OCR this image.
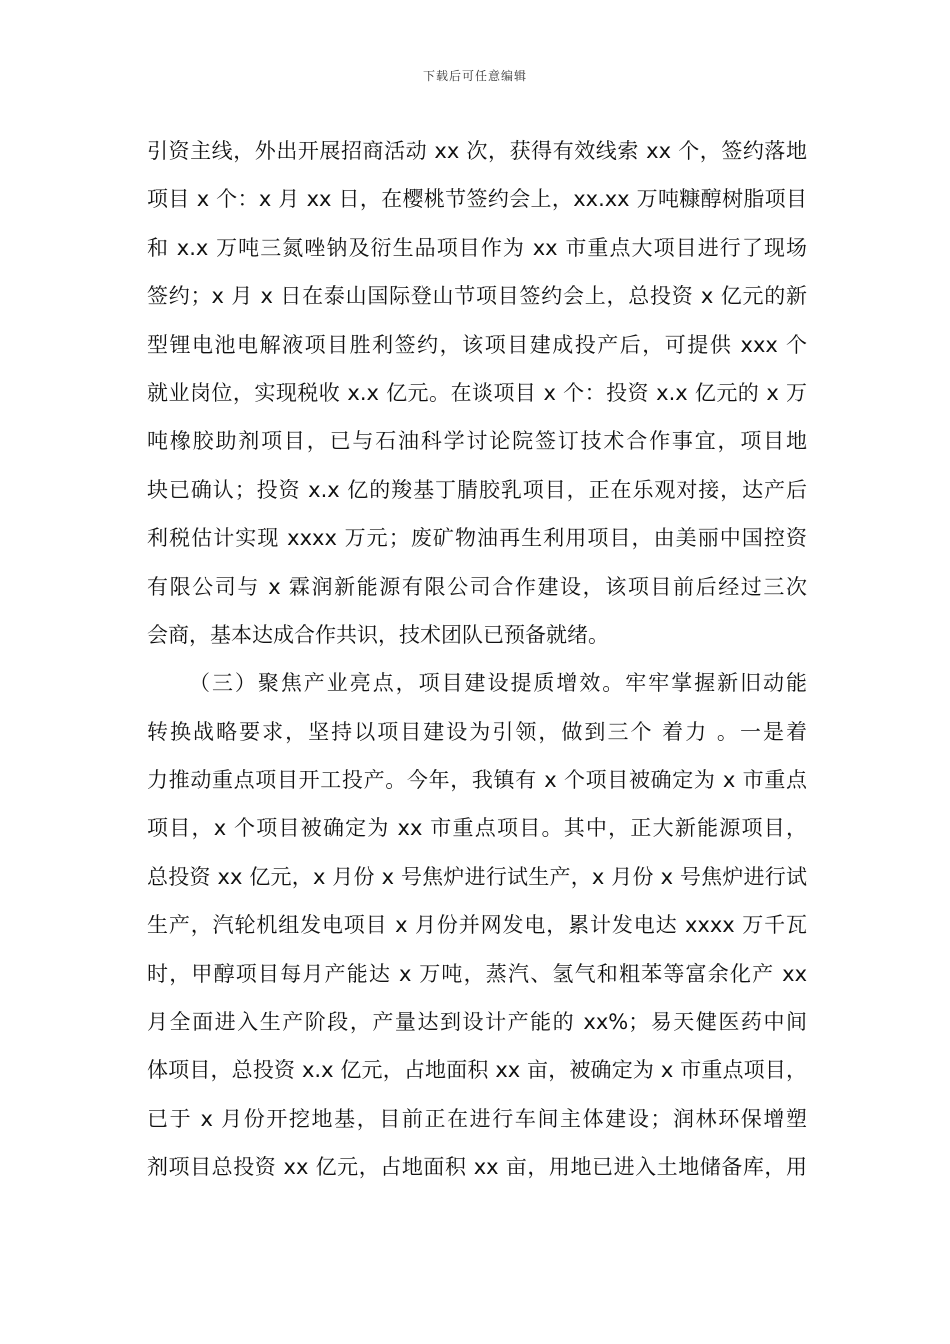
下载后可任意编辑
引资主线，外出开展招商活动 xx 次，获得有效线索 xx 个，签约落地
项目 x 个：x 月 xx 日，在樱桃节签约会上，xx.xx 万吨糠醇树脂项目
和 x.x 万吨三氮唑钠及衍生品项目作为 xx 市重点大项目进行了现场
签约；x 月 x 日在泰山国际登山节项目签约会上，总投资 x 亿元的新
型锂电池电解液项目胜利签约，该项目建成投产后，可提供 xxx 个
就业岗位，实现税收 x.x 亿元。在谈项目 x 个：投资 x.x 亿元的 x 万
吨橡胶助剂项目，已与石油科学讨论院签订技术合作事宜，项目地
块已确认；投资 x.x 亿的羧基丁腈胶乳项目，正在乐观对接，达产后
利税估计实现 xxxx 万元；废矿物油再生利用项目，由美丽中国控资
有限公司与 x 霖润新能源有限公司合作建设，该项目前后经过三次
会商，基本达成合作共识，技术团队已预备就绪。
（三）聚焦产业亮点，项目建设提质增效。牢牢掌握新旧动能
转换战略要求，坚持以项目建设为引领，做到三个 着力 。一是着
力推动重点项目开工投产。今年，我镇有 x 个项目被确定为 x 市重点
项目，x 个项目被确定为 xx 市重点项目。其中，正大新能源项目，
总投资 xx 亿元，x 月份 x 号焦炉进行试生产，x 月份 x 号焦炉进行试
生产，汽轮机组发电项目 x 月份并网发电，累计发电达 xxxx 万千瓦
时，甲醇项目每月产能达 x 万吨，蒸汽、氢气和粗苯等富余化产 xx
月全面进入生产阶段，产量达到设计产能的 xx%；易天健医药中间
体项目，总投资 x.x 亿元，占地面积 xx 亩，被确定为 x 市重点项目，
已于 x 月份开挖地基，目前正在进行车间主体建设；润林环保增塑
剂项目总投资 xx 亿元，占地面积 xx 亩，用地已进入土地储备库，用
